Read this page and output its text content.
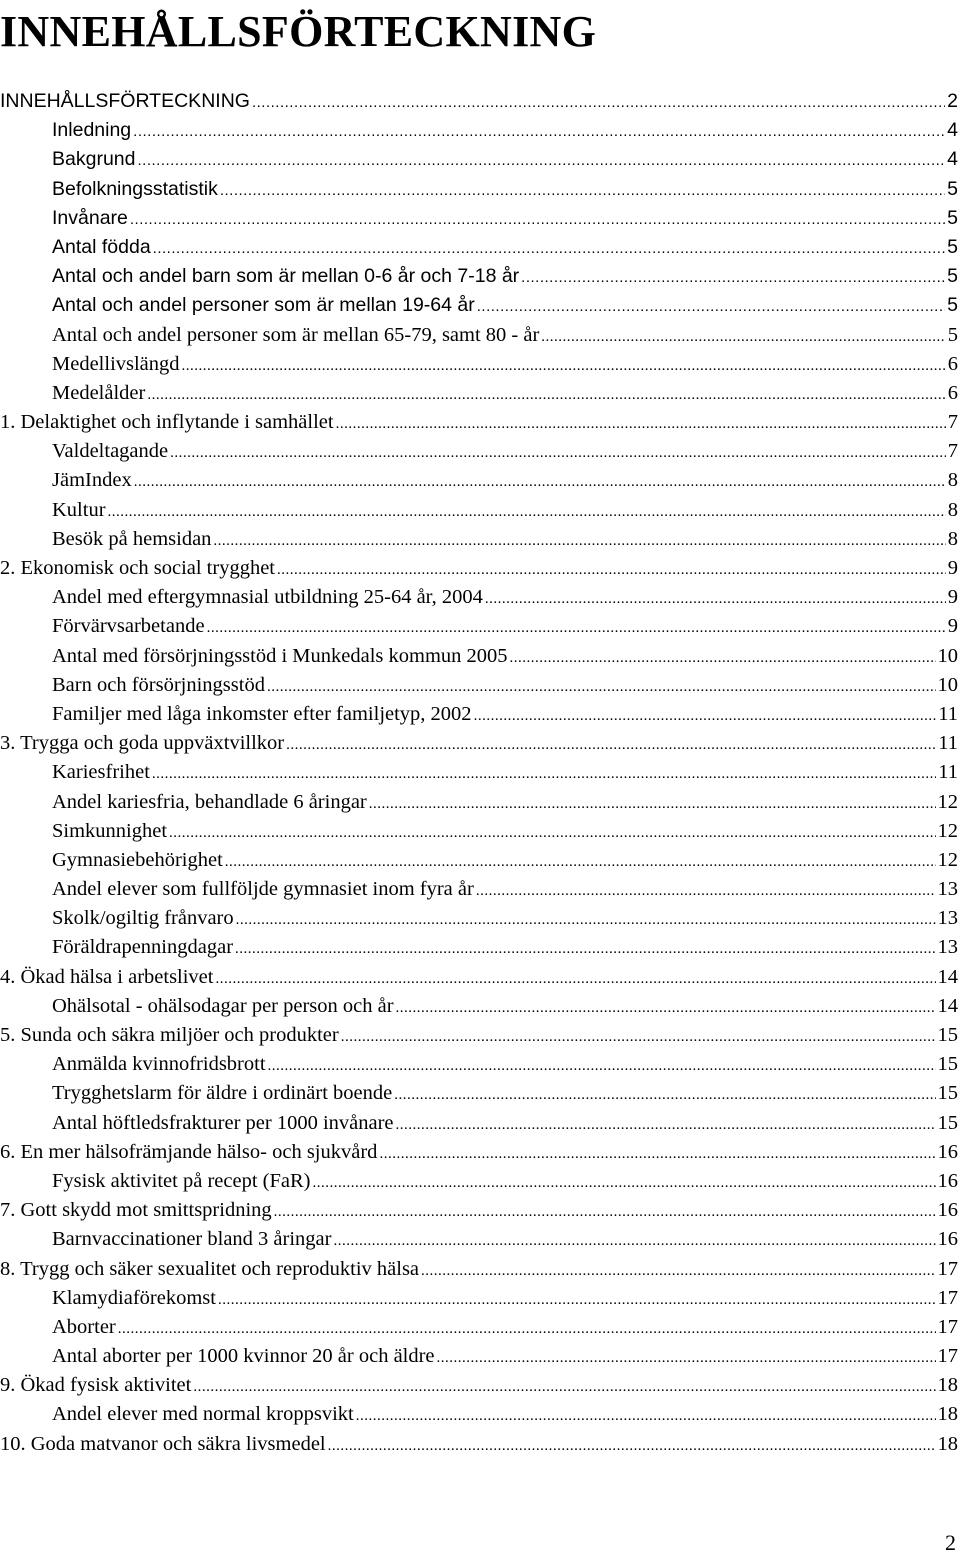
INNEHÅLLSFÖRTECKNING
INNEHÅLLSFÖRTECKNING .....	2
Inledning .....	4
Bakgrund .....	4
Befolkningsstatistik .....	5
Invånare .....	5
Antal födda .....	5
Antal och andel barn som är mellan 0-6 år och 7-18 år .....	5
Antal och andel personer som är mellan 19-64 år .....	5
Antal och andel personer som är mellan 65-79, samt 80 - år .....	5
Medellivslängd .....	6
Medelålder .....	6
1. Delaktighet och inflytande i samhället .....	7
Valdeltagande .....	7
JämIndex .....	8
Kultur .....	8
Besök på hemsidan .....	8
2. Ekonomisk och social trygghet .....	9
Andel med eftergymnasial utbildning 25-64 år, 2004 .....	9
Förvärvsarbetande .....	9
Antal med försörjningsstöd i Munkedals kommun 2005 .....	10
Barn och försörjningsstöd .....	10
Familjer med låga inkomster efter familjetyp, 2002 .....	11
3. Trygga och goda uppväxtvillkor .....	11
Kariesfrihet .....	11
Andel kariesfria, behandlade 6 åringar .....	12
Simkunnighet .....	12
Gymnasiebehörighet .....	12
Andel elever som fullföljde gymnasiet inom fyra år .....	13
Skolk/ogiltig frånvaro .....	13
Föräldrapenningdagar .....	13
4. Ökad hälsa i arbetslivet .....	14
Ohälsotal - ohälsodagar per person och år .....	14
5. Sunda och säkra miljöer och produkter .....	15
Anmälda kvinnofridsbrott .....	15
Trygghetslarm för äldre i ordinärt boende .....	15
Antal höftledsfrakturer per 1000 invånare .....	15
6. En mer hälsofrämjande hälso- och sjukvård .....	16
Fysisk aktivitet på recept (FaR) .....	16
7. Gott skydd mot smittspridning .....	16
Barnvaccinationer bland 3 åringar .....	16
8. Trygg och säker sexualitet och reproduktiv hälsa .....	17
Klamydiaförekomst .....	17
Aborter .....	17
Antal aborter per 1000 kvinnor 20 år och äldre .....	17
9. Ökad fysisk aktivitet .....	18
Andel elever med normal kroppsvikt .....	18
10. Goda matvanor och säkra livsmedel .....	18
2
